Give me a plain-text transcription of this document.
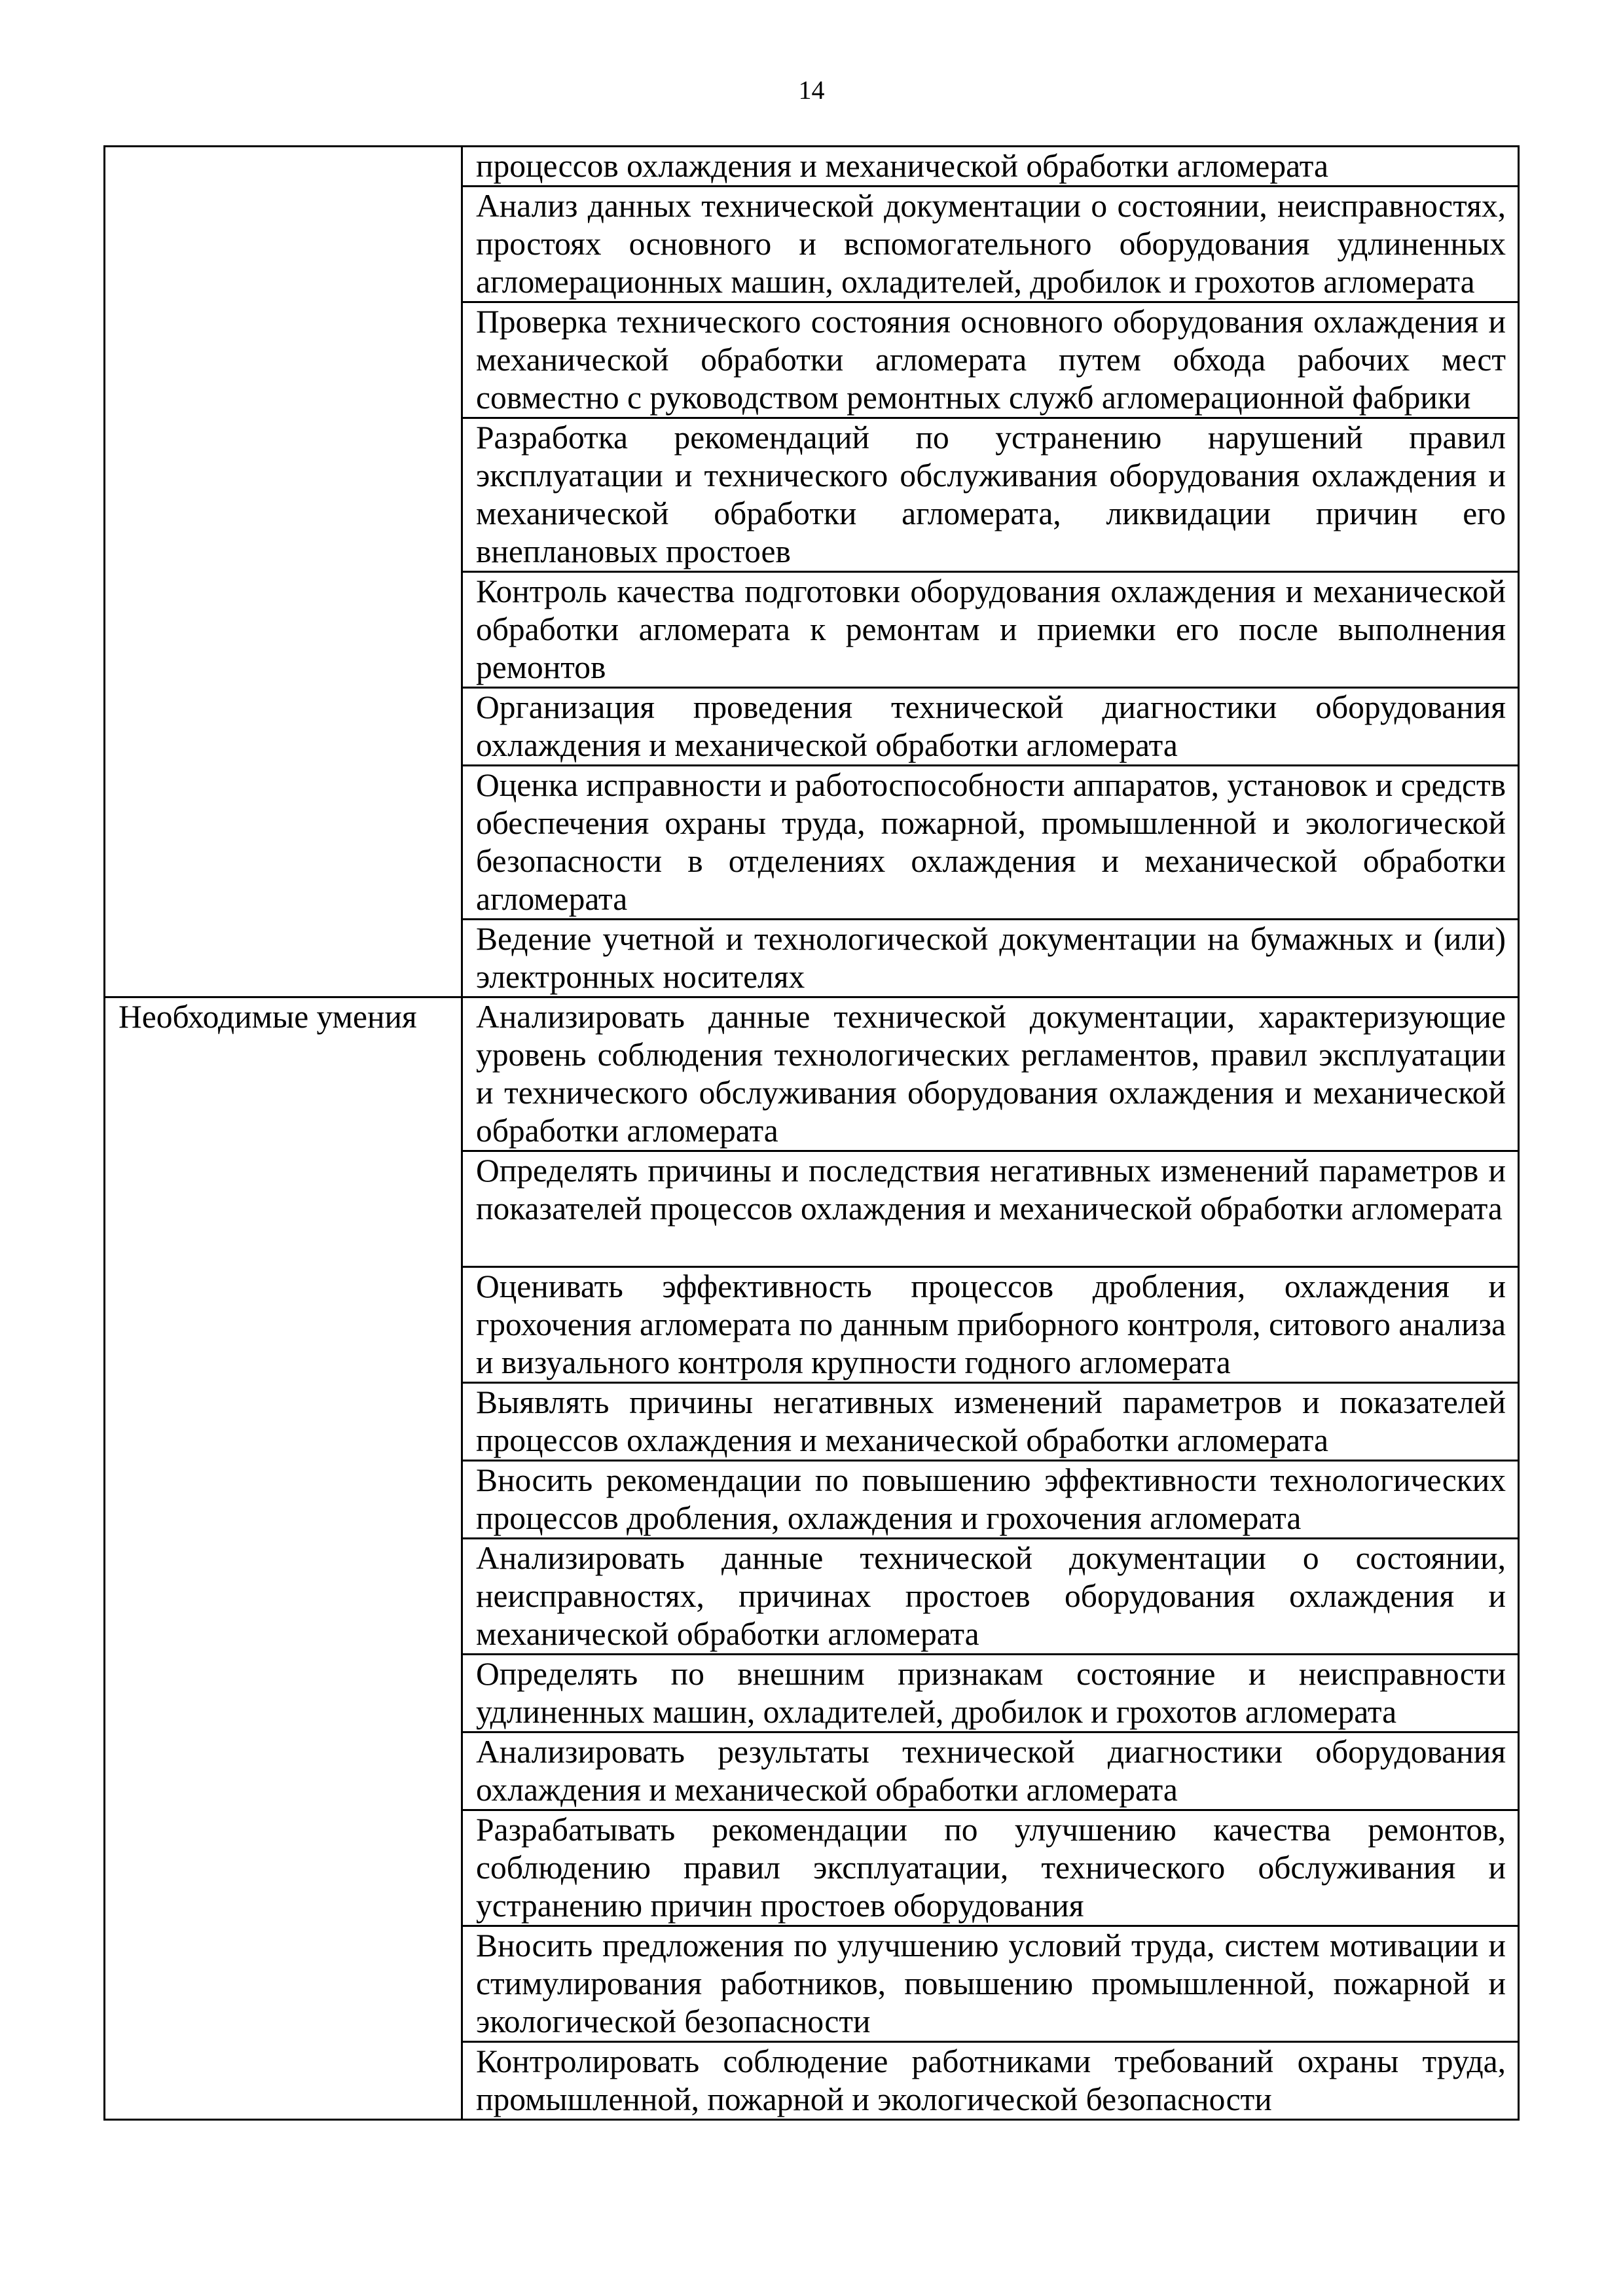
14
	процессов охлаждения и механической обработки агломерата
	Анализ данных технической документации о состоянии, неисправностях, простоях основного и вспомогательного оборудования удлиненных агломерационных машин, охладителей, дробилок и грохотов агломерата
	Проверка технического состояния основного оборудования охлаждения и механической обработки агломерата путем обхода рабочих мест совместно с руководством ремонтных служб агломерационной фабрики
	Разработка рекомендаций по устранению нарушений правил эксплуатации и технического обслуживания оборудования охлаждения и механической обработки агломерата, ликвидации причин его внеплановых простоев
	Контроль качества подготовки оборудования охлаждения и механической обработки агломерата к ремонтам и приемки его после выполнения ремонтов
	Организация проведения технической диагностики оборудования охлаждения и механической обработки агломерата
	Оценка исправности и работоспособности аппаратов, установок и средств обеспечения охраны труда, пожарной, промышленной и экологической безопасности в отделениях охлаждения и механической обработки агломерата
	Ведение учетной и технологической документации на бумажных и (или) электронных носителях
Необходимые умения	Анализировать данные технической документации, характеризующие уровень соблюдения технологических регламентов, правил эксплуатации и технического обслуживания оборудования охлаждения и механической обработки агломерата
	Определять причины и последствия негативных изменений параметров и показателей процессов охлаждения и механической обработки агломерата
	Оценивать эффективность процессов дробления, охлаждения и грохочения агломерата по данным приборного контроля, ситового анализа и визуального контроля крупности годного агломерата
	Выявлять причины негативных изменений параметров и показателей процессов охлаждения и механической обработки агломерата
	Вносить рекомендации по повышению эффективности технологических процессов дробления, охлаждения и грохочения агломерата
	Анализировать данные технической документации о состоянии, неисправностях, причинах простоев оборудования охлаждения и механической обработки агломерата
	Определять по внешним признакам состояние и неисправности удлиненных машин, охладителей, дробилок и грохотов агломерата
	Анализировать результаты технической диагностики оборудования охлаждения и механической обработки агломерата
	Разрабатывать рекомендации по улучшению качества ремонтов, соблюдению правил эксплуатации, технического обслуживания и устранению причин простоев оборудования
	Вносить предложения по улучшению условий труда, систем мотивации и стимулирования работников, повышению промышленной, пожарной и экологической безопасности
	Контролировать соблюдение работниками требований охраны труда, промышленной, пожарной и экологической безопасности
